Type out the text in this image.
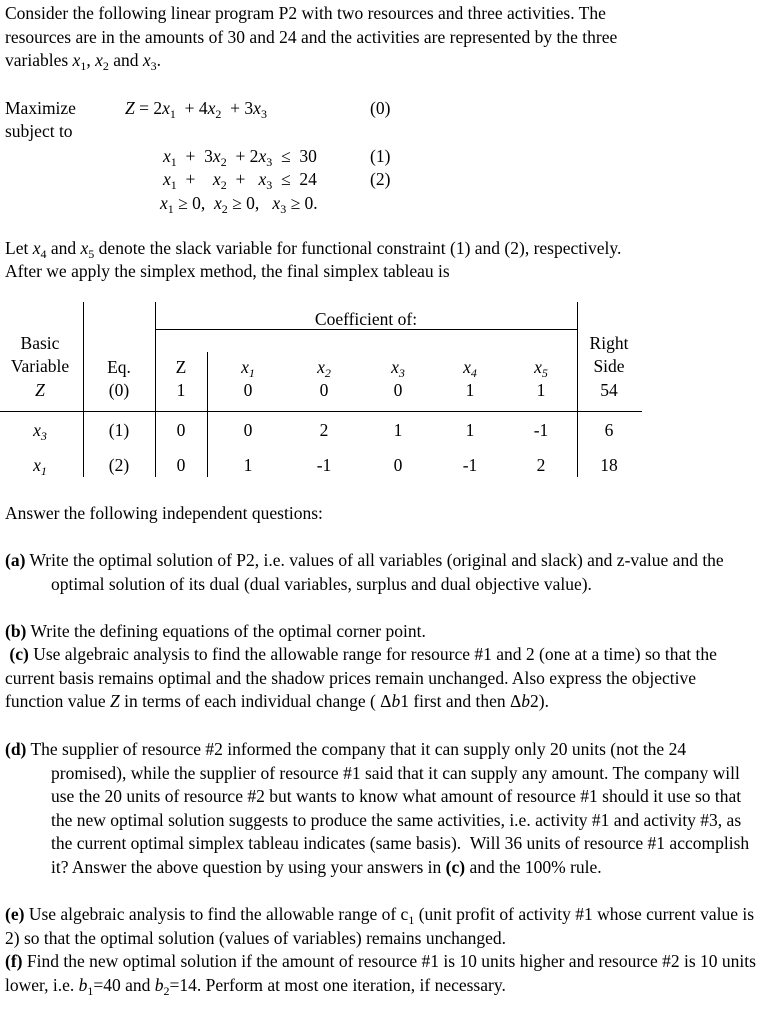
Consider the following linear program P2 with two resources and three activities. The
resources are in the amounts of 30 and 24 and the activities are represented by the three
variables $x_1$, $x_2$ and $x_3$.
Maximize
subject to
$Z = 2x_1 + 4x_2 + 3x_3$	(0)
$x_1 + 3x_2 + 2x_3 \le 30$	(1)
$x_1$  +    $x_2 + x_3 \le 24$	(2)
$x_1 \ge 0$,  $x_2 \ge 0$,   $x_3 \ge 0$.
Let $x_4$ and $x_5$ denote the slack variable for functional constraint (1) and (2), respectively.
After we apply the simplex method, the final simplex tableau is
Coefficient of:
Basic
Variable Eq.
Right
Side
Z	$x_1$	$x_2$	$x_3$	$x_4$	$x_5$
Z	(0)	1	0	0	0	1	1	54
$x_3$	(1)	0	0	2	1	1	-1	6
$x_1$	(2)	0	1	-1	0	-1	2	18
Answer the following independent questions:
(a) Write the optimal solution of P2, i.e. values of all variables (original and slack) and z-value and the optimal solution of its dual (dual variables, surplus and dual objective value).
(b) Write the defining equations of the optimal corner point.
(c) Use algebraic analysis to find the allowable range for resource #1 and 2 (one at a time) so that the current basis remains optimal and the shadow prices remain unchanged. Also express the objective function value Z in terms of each individual change ( Δb1 first and then Δb2).
(d) The supplier of resource #2 informed the company that it can supply only 20 units (not the 24 promised), while the supplier of resource #1 said that it can supply any amount. The company will use the 20 units of resource #2 but wants to know what amount of resource #1 should it use so that the new optimal solution suggests to produce the same activities, i.e. activity #1 and activity #3, as the current optimal simplex tableau indicates (same basis).  Will 36 units of resource #1 accomplish it? Answer the above question by using your answers in (c) and the 100% rule.
(e) Use algebraic analysis to find the allowable range of $c_1$ (unit profit of activity #1 whose current value is 2) so that the optimal solution (values of variables) remains unchanged.
(f) Find the new optimal solution if the amount of resource #1 is 10 units higher and resource #2 is 10 units lower, i.e. $b_1=40$ and $b_2=14$. Perform at most one iteration, if necessary.
